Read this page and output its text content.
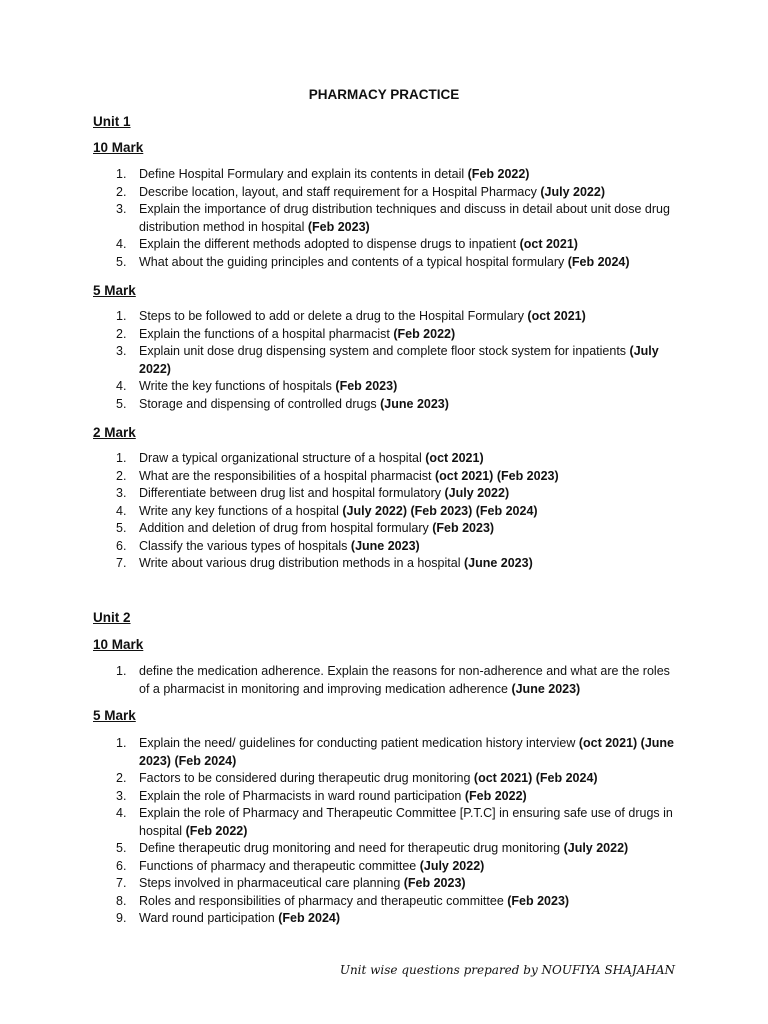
PHARMACY PRACTICE
Unit 1
10 Mark
1. Define Hospital Formulary and explain its contents in detail (Feb 2022)
2. Describe location, layout, and staff requirement for a Hospital Pharmacy (July 2022)
3. Explain the importance of drug distribution techniques and discuss in detail about unit dose drug distribution method in hospital (Feb 2023)
4. Explain the different methods adopted to dispense drugs to inpatient (oct 2021)
5. What about the guiding principles and contents of a typical hospital formulary (Feb 2024)
5 Mark
1. Steps to be followed to add or delete a drug to the Hospital Formulary (oct 2021)
2. Explain the functions of a hospital pharmacist (Feb 2022)
3. Explain unit dose drug dispensing system and complete floor stock system for inpatients (July 2022)
4. Write the key functions of hospitals (Feb 2023)
5. Storage and dispensing of controlled drugs (June 2023)
2 Mark
1. Draw a typical organizational structure of a hospital (oct 2021)
2. What are the responsibilities of a hospital pharmacist (oct 2021) (Feb 2023)
3. Differentiate between drug list and hospital formulatory (July 2022)
4. Write any key functions of a hospital (July 2022) (Feb 2023) (Feb 2024)
5. Addition and deletion of drug from hospital formulary (Feb 2023)
6. Classify the various types of hospitals (June 2023)
7. Write about various drug distribution methods in a hospital (June 2023)
Unit 2
10 Mark
1. define the medication adherence. Explain the reasons for non-adherence and what are the roles of a pharmacist in monitoring and improving medication adherence (June 2023)
5 Mark
1. Explain the need/ guidelines for conducting patient medication history interview (oct 2021) (June 2023) (Feb 2024)
2. Factors to be considered during therapeutic drug monitoring (oct 2021) (Feb 2024)
3. Explain the role of Pharmacists in ward round participation (Feb 2022)
4. Explain the role of Pharmacy and Therapeutic Committee [P.T.C] in ensuring safe use of drugs in hospital (Feb 2022)
5. Define therapeutic drug monitoring and need for therapeutic drug monitoring (July 2022)
6. Functions of pharmacy and therapeutic committee (July 2022)
7. Steps involved in pharmaceutical care planning (Feb 2023)
8. Roles and responsibilities of pharmacy and therapeutic committee (Feb 2023)
9. Ward round participation (Feb 2024)
Unit wise questions prepared by NOUFIYA SHAJAHAN
